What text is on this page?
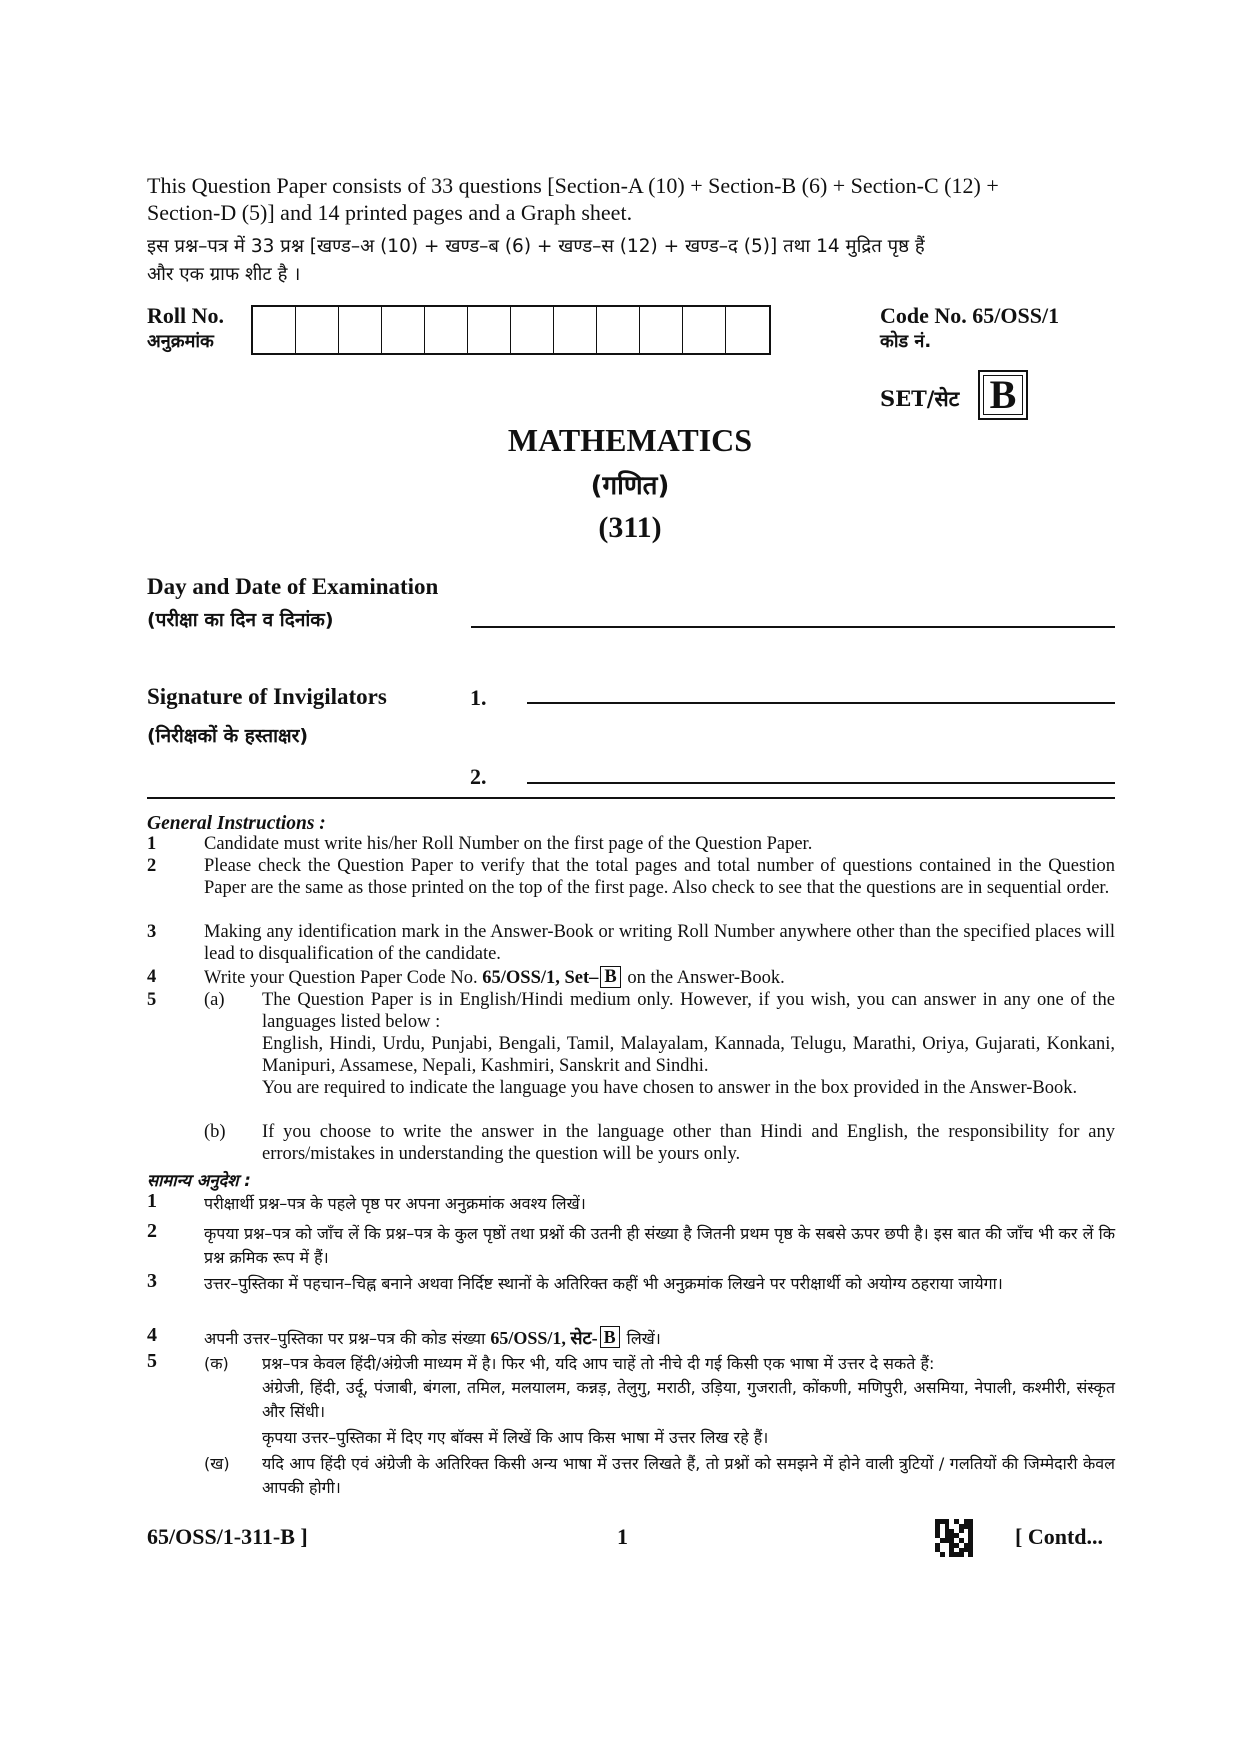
This Question Paper consists of 33 questions [Section-A (10) + Section-B (6) + Section-C (12) +
Section-D (5)] and 14 printed pages and a Graph sheet.
इस प्रश्न–पत्र में 33 प्रश्न [खण्ड–अ (10) + खण्ड–ब (6) + खण्ड–स (12) + खण्ड–द (5)] तथा 14 मुद्रित पृष्ठ हैं
और एक ग्राफ शीट है ।
Roll No.
अनुक्रमांक
Code No. 65/OSS/1
कोड नं.
SET/सेट B
MATHEMATICS
(गणित)
(311)
Day and Date of Examination
(परीक्षा का दिन व दिनांक)
Signature of Invigilators
(निरीक्षकों के हस्ताक्षर)
1.
2.
General Instructions :
1	Candidate must write his/her Roll Number on the first page of the Question Paper.
2	Please check the Question Paper to verify that the total pages and total number of questions contained in the Question Paper are the same as those printed on the top of the first page. Also check to see that the questions are in sequential order.
3	Making any identification mark in the Answer-Book or writing Roll Number anywhere other than the specified places will lead to disqualification of the candidate.
4	Write your Question Paper Code No. 65/OSS/1, Set– B on the Answer-Book.
5	(a) The Question Paper is in English/Hindi medium only. However, if you wish, you can answer in any one of the languages listed below :
English, Hindi, Urdu, Punjabi, Bengali, Tamil, Malayalam, Kannada, Telugu, Marathi, Oriya, Gujarati, Konkani, Manipuri, Assamese, Nepali, Kashmiri, Sanskrit and Sindhi.
You are required to indicate the language you have chosen to answer in the box provided in the Answer-Book.
(b) If you choose to write the answer in the language other than Hindi and English, the responsibility for any errors/mistakes in understanding the question will be yours only.
सामान्य अनुदेश :
1	परीक्षार्थी प्रश्न–पत्र के पहले पृष्ठ पर अपना अनुक्रमांक अवश्य लिखें।
2	कृपया प्रश्न–पत्र को जाँच लें कि प्रश्न–पत्र के कुल पृष्ठों तथा प्रश्नों की उतनी ही संख्या है जितनी प्रथम पृष्ठ के सबसे ऊपर छपी है। इस बात की जाँच भी कर लें कि प्रश्न क्रमिक रूप में हैं।
3	उत्तर–पुस्तिका में पहचान–चिह्न बनाने अथवा निर्दिष्ट स्थानों के अतिरिक्त कहीं भी अनुक्रमांक लिखने पर परीक्षार्थी को अयोग्य ठहराया जायेगा।
4	अपनी उत्तर–पुस्तिका पर प्रश्न–पत्र की कोड संख्या 65/OSS/1, सेट- B लिखें।
5	(क) प्रश्न–पत्र केवल हिंदी/अंग्रेजी माध्यम में है। फिर भी, यदि आप चाहें तो नीचे दी गई किसी एक भाषा में उत्तर दे सकते हैं:
अंग्रेजी, हिंदी, उर्दू, पंजाबी, बंगला, तमिल, मलयालम, कन्नड़, तेलुगु, मराठी, उड़िया, गुजराती, कोंकणी, मणिपुरी, असमिया, नेपाली, कश्मीरी, संस्कृत और सिंधी।
कृपया उत्तर–पुस्तिका में दिए गए बॉक्स में लिखें कि आप किस भाषा में उत्तर लिख रहे हैं।
(ख) यदि आप हिंदी एवं अंग्रेजी के अतिरिक्त किसी अन्य भाषा में उत्तर लिखते हैं, तो प्रश्नों को समझने में होने वाली त्रुटियों / गलतियों की जिम्मेदारी केवल आपकी होगी।
65/OSS/1-311-B ]	1	[ Contd...
